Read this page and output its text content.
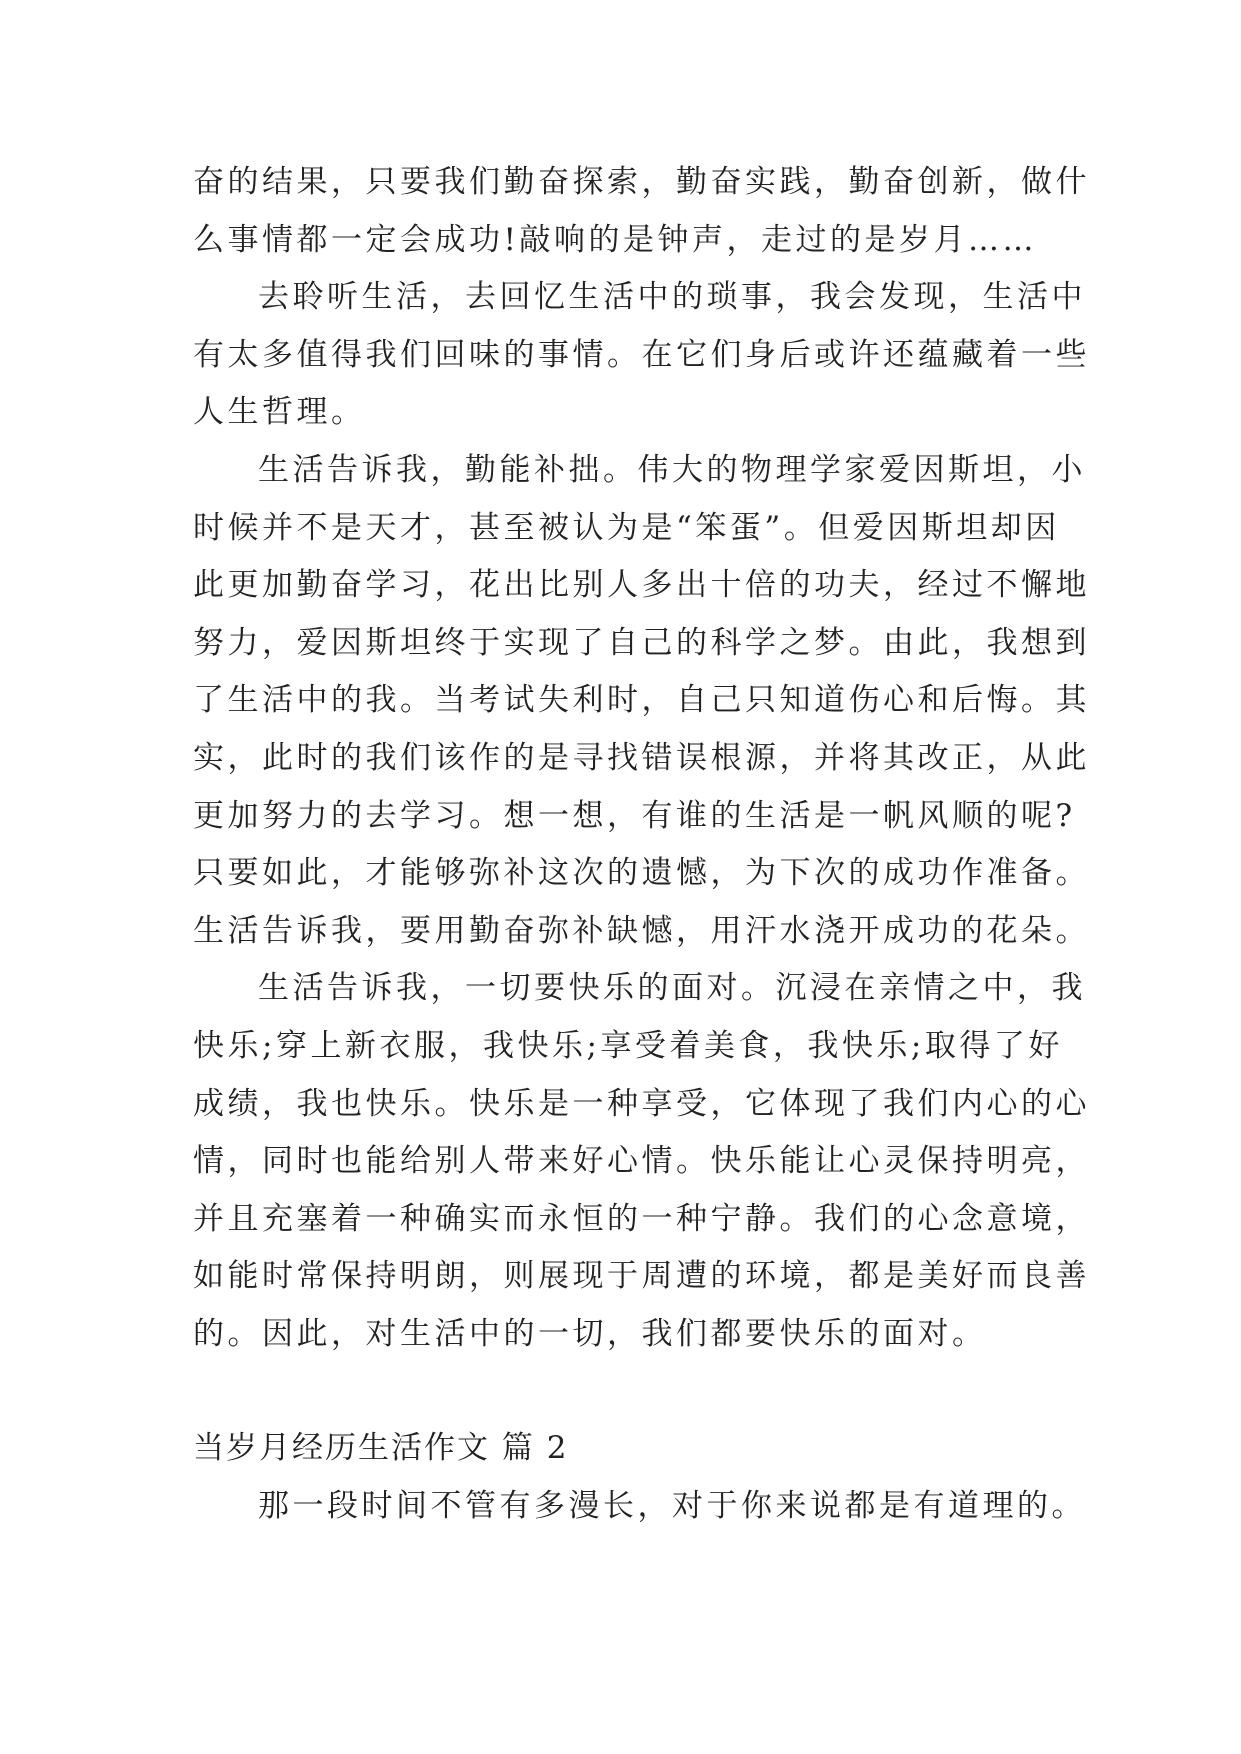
奋的结果，只要我们勤奋探索，勤奋实践，勤奋创新，做什
么事情都一定会成功!敲响的是钟声，走过的是岁月……
去聆听生活，去回忆生活中的琐事，我会发现，生活中
有太多值得我们回味的事情。在它们身后或许还蕴藏着一些
人生哲理。
生活告诉我，勤能补拙。伟大的物理学家爱因斯坦，小
时候并不是天才，甚至被认为是“笨蛋”。但爱因斯坦却因
此更加勤奋学习，花出比别人多出十倍的功夫，经过不懈地
努力，爱因斯坦终于实现了自己的科学之梦。由此，我想到
了生活中的我。当考试失利时，自己只知道伤心和后悔。其
实，此时的我们该作的是寻找错误根源，并将其改正，从此
更加努力的去学习。想一想，有谁的生活是一帆风顺的呢?
只要如此，才能够弥补这次的遗憾，为下次的成功作准备。
生活告诉我，要用勤奋弥补缺憾，用汗水浇开成功的花朵。
生活告诉我，一切要快乐的面对。沉浸在亲情之中，我
快乐;穿上新衣服，我快乐;享受着美食，我快乐;取得了好
成绩，我也快乐。快乐是一种享受，它体现了我们内心的心
情，同时也能给别人带来好心情。快乐能让心灵保持明亮，
并且充塞着一种确实而永恒的一种宁静。我们的心念意境，
如能时常保持明朗，则展现于周遭的环境，都是美好而良善
的。因此，对生活中的一切，我们都要快乐的面对。
当岁月经历生活作文 篇 2
那一段时间不管有多漫长，对于你来说都是有道理的。
